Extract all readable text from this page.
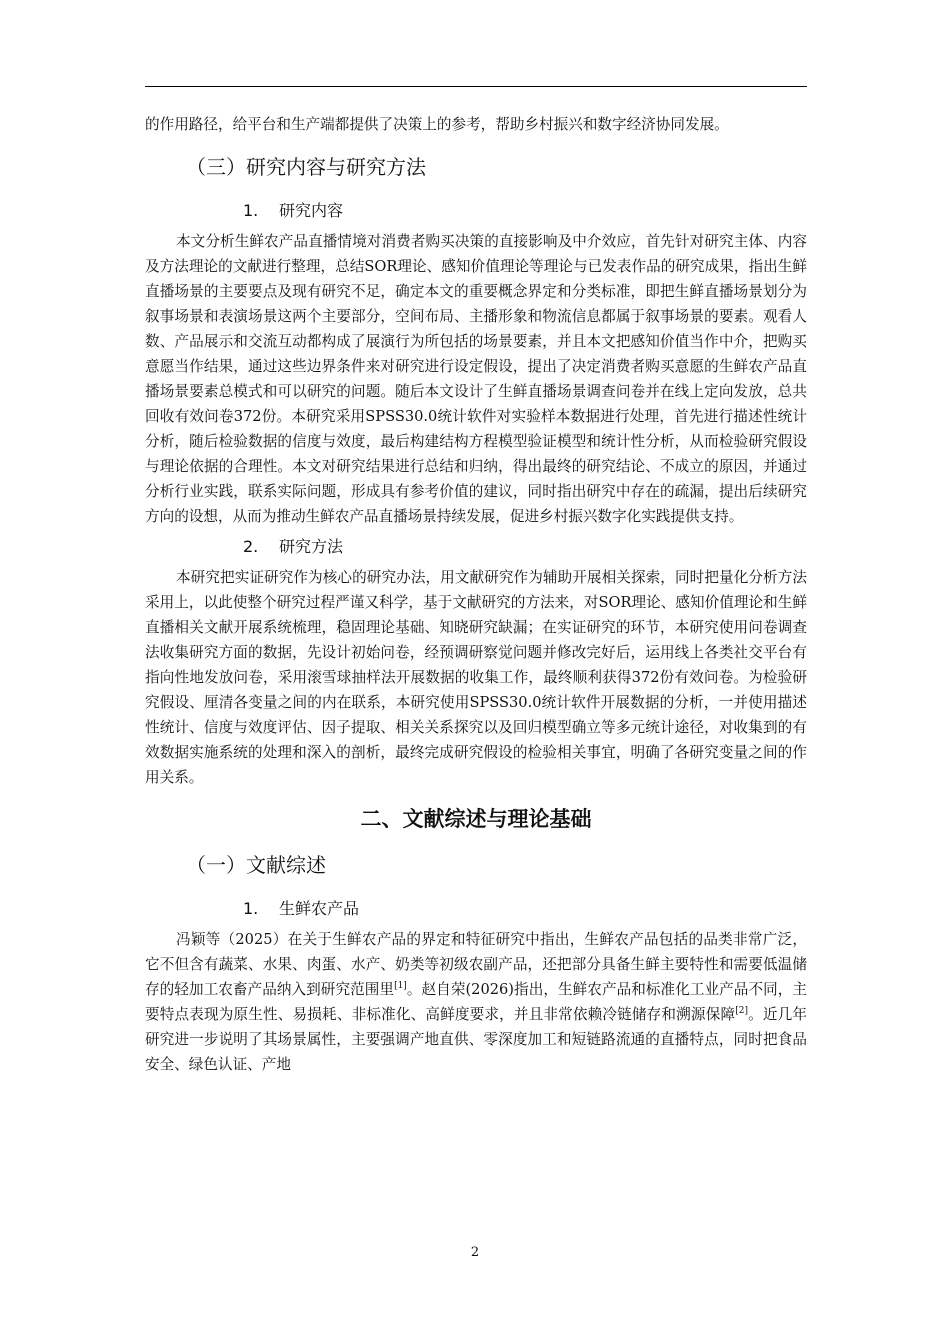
的作用路径，给平台和生产端都提供了决策上的参考，帮助乡村振兴和数字经济协同发展。

（三）研究内容与研究方法
1. 研究内容

本文分析生鲜农产品直播情境对消费者购买决策的直接影响及中介效应，首先针对研究主体、内容及方法理论的文献进行整理，总结SOR理论、感知价值理论等理论与已发表作品的研究成果，指出生鲜直播场景的主要要点及现有研究不足，确定本文的重要概念界定和分类标准，即把生鲜直播场景划分为叙事场景和表演场景这两个主要部分，空间布局、主播形象和物流信息都属于叙事场景的要素。观看人数、产品展示和交流互动都构成了展演行为所包括的场景要素，并且本文把感知价值当作中介，把购买意愿当作结果，通过这些边界条件来对研究进行设定假设，提出了决定消费者购买意愿的生鲜农产品直播场景要素总模式和可以研究的问题。随后本文设计了生鲜直播场景调查问卷并在线上定向发放，总共回收有效问卷372份。本研究采用SPSS30.0统计软件对实验样本数据进行处理，首先进行描述性统计分析，随后检验数据的信度与效度，最后构建结构方程模型验证模型和统计性分析，从而检验研究假设与理论依据的合理性。本文对研究结果进行总结和归纳，得出最终的研究结论、不成立的原因，并通过分析行业实践，联系实际问题，形成具有参考价值的建议，同时指出研究中存在的疏漏，提出后续研究方向的设想，从而为推动生鲜农产品直播场景持续发展，促进乡村振兴数字化实践提供支持。

2. 研究方法

本研究把实证研究作为核心的研究办法，用文献研究作为辅助开展相关探索，同时把量化分析方法采用上，以此使整个研究过程严谨又科学，基于文献研究的方法来，对SOR理论、感知价值理论和生鲜直播相关文献开展系统梳理，稳固理论基础、知晓研究缺漏；在实证研究的环节，本研究使用问卷调查法收集研究方面的数据，先设计初始问卷，经预调研察觉问题并修改完好后，运用线上各类社交平台有指向性地发放问卷，采用滚雪球抽样法开展数据的收集工作，最终顺利获得372份有效问卷。为检验研究假设、厘清各变量之间的内在联系，本研究使用SPSS30.0统计软件开展数据的分析，一并使用描述性统计、信度与效度评估、因子提取、相关关系探究以及回归模型确立等多元统计途径，对收集到的有效数据实施系统的处理和深入的剖析，最终完成研究假设的检验相关事宜，明确了各研究变量之间的作用关系。

二、文献综述与理论基础
（一）文献综述
1. 生鲜农产品

冯颖等（2025）在关于生鲜农产品的界定和特征研究中指出，生鲜农产品包括的品类非常广泛，它不但含有蔬菜、水果、肉蛋、水产、奶类等初级农副产品，还把部分具备生鲜主要特性和需要低温储存的轻加工农畜产品纳入到研究范围里[1]。赵自荣(2026)指出，生鲜农产品和标准化工业产品不同，主要特点表现为原生性、易损耗、非标准化、高鲜度要求，并且非常依赖冷链储存和溯源保障[2]。近几年研究进一步说明了其场景属性，主要强调产地直供、零深度加工和短链路流通的直播特点，同时把食品安全、绿色认证、产地

2
